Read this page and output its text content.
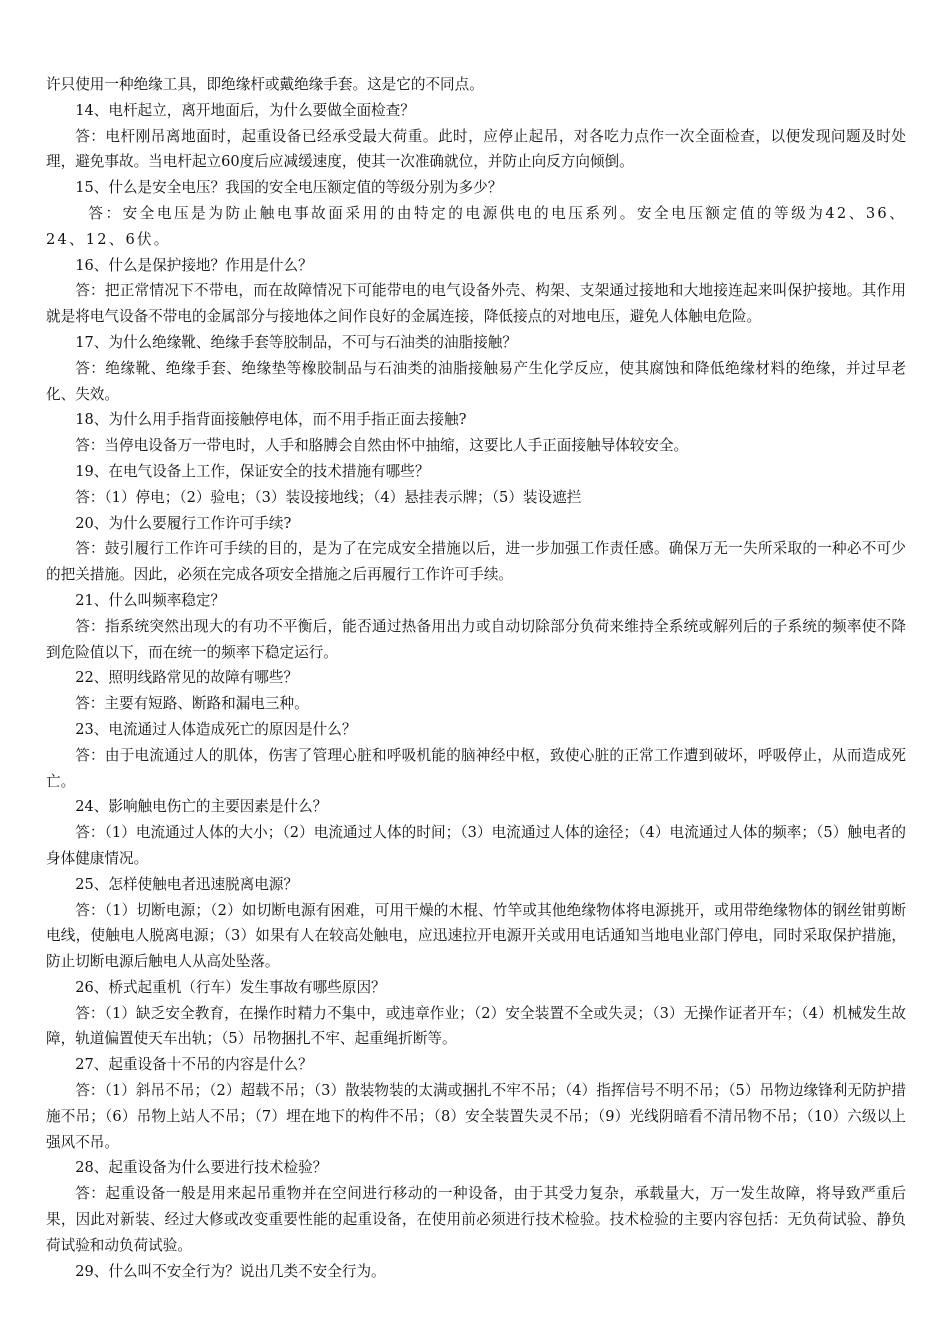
许只使用一种绝缘工具，即绝缘杆或戴绝缘手套。这是它的不同点。

14、电杆起立，离开地面后，为什么要做全面检查？

答：电杆刚吊离地面时，起重设备已经承受最大荷重。此时，应停止起吊，对各吃力点作一次全面检查，以便发现问题及时处理，避免事故。当电杆起立60度后应减缓速度，使其一次准确就位，并防止向反方向倾倒。

15、什么是安全电压？我国的安全电压额定值的等级分别为多少？

答：安全电压是为防止触电事故面采用的由特定的电源供电的电压系列。安全电压额定值的等级为42、36、24、12、6伏。

16、什么是保护接地？作用是什么？

答：把正常情况下不带电，而在故障情况下可能带电的电气设备外壳、构架、支架通过接地和大地接连起来叫保护接地。其作用就是将电气设备不带电的金属部分与接地体之间作良好的金属连接，降低接点的对地电压，避免人体触电危险。

17、为什么绝缘靴、绝缘手套等胶制品，不可与石油类的油脂接触？

答：绝缘靴、绝缘手套、绝缘垫等橡胶制品与石油类的油脂接触易产生化学反应，使其腐蚀和降低绝缘材料的绝缘，并过早老化、失效。

18、为什么用手指背面接触停电体，而不用手指正面去接触?

答：当停电设备万一带电时，人手和胳膊会自然由怀中抽缩，这要比人手正面接触导体较安全。

19、在电气设备上工作，保证安全的技术措施有哪些？

答：（1）停电；（2）验电；（3）装设接地线；（4）悬挂表示牌；（5）装设遮拦

20、为什么要履行工作许可手续?

答：鼓引履行工作许可手续的目的，是为了在完成安全措施以后，进一步加强工作责任感。确保万无一失所采取的一种必不可少的把关措施。因此，必须在完成各项安全措施之后再履行工作许可手续。

21、什么叫频率稳定？

答：指系统突然出现大的有功不平衡后，能否通过热备用出力或自动切除部分负荷来维持全系统或解列后的子系统的频率使不降到危险值以下，而在统一的频率下稳定运行。

22、照明线路常见的故障有哪些？

答：主要有短路、断路和漏电三种。

23、电流通过人体造成死亡的原因是什么？

答：由于电流通过人的肌体，伤害了管理心脏和呼吸机能的脑神经中枢，致使心脏的正常工作遭到破坏，呼吸停止，从而造成死亡。

24、影响触电伤亡的主要因素是什么？

答：（1）电流通过人体的大小；（2）电流通过人体的时间；（3）电流通过人体的途径；（4）电流通过人体的频率；（5）触电者的身体健康情况。

25、怎样使触电者迅速脱离电源？

答：（1）切断电源；（2）如切断电源有困难，可用干燥的木棍、竹竿或其他绝缘物体将电源挑开，或用带绝缘物体的钢丝钳剪断电线，使触电人脱离电源；（3）如果有人在较高处触电，应迅速拉开电源开关或用电话通知当地电业部门停电，同时采取保护措施，防止切断电源后触电人从高处坠落。

26、桥式起重机（行车）发生事故有哪些原因？

答：（1）缺乏安全教育，在操作时精力不集中，或违章作业；（2）安全装置不全或失灵；（3）无操作证者开车；（4）机械发生故障，轨道偏置使天车出轨；（5）吊物捆扎不牢、起重绳折断等。

27、起重设备十不吊的内容是什么？

答：（1）斜吊不吊；（2）超载不吊；（3）散装物装的太满或捆扎不牢不吊；（4）指挥信号不明不吊；（5）吊物边缘锋利无防护措施不吊；（6）吊物上站人不吊；（7）埋在地下的构件不吊；（8）安全装置失灵不吊；（9）光线阴暗看不清吊物不吊；（10）六级以上强风不吊。

28、起重设备为什么要进行技术检验？

答：起重设备一般是用来起吊重物并在空间进行移动的一种设备，由于其受力复杂，承载量大，万一发生故障，将导致严重后果，因此对新装、经过大修或改变重要性能的起重设备，在使用前必须进行技术检验。技术检验的主要内容包括：无负荷试验、静负荷试验和动负荷试验。

29、什么叫不安全行为？说出几类不安全行为。
